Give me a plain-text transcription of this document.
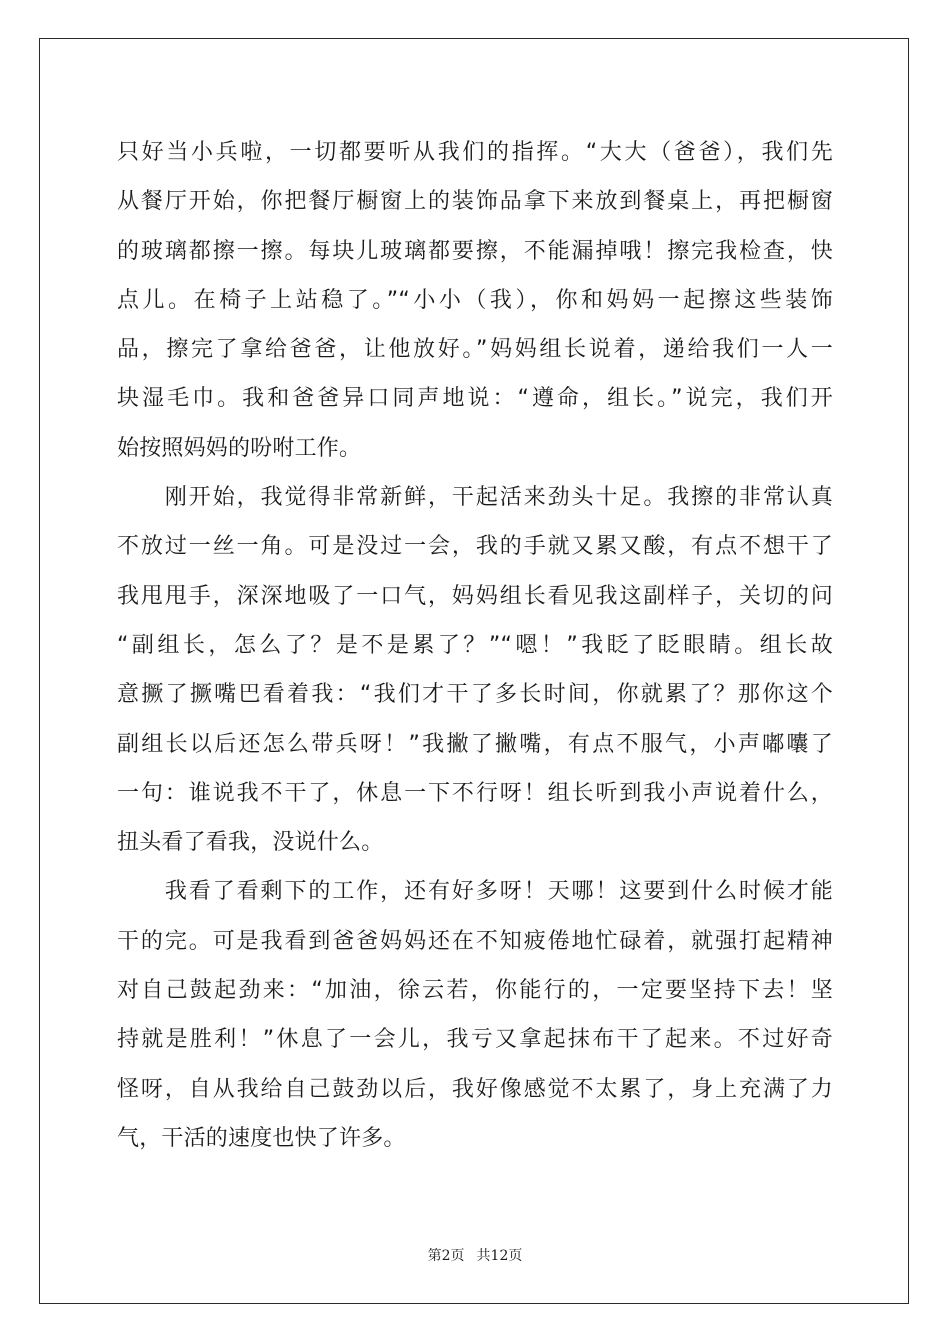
只好当小兵啦，一切都要听从我们的指挥。“大大（爸爸），我们先
从餐厅开始，你把餐厅橱窗上的装饰品拿下来放到餐桌上，再把橱窗
的玻璃都擦一擦。每块儿玻璃都要擦，不能漏掉哦！擦完我检查，快
点儿。在椅子上站稳了。”“小小（我），你和妈妈一起擦这些装饰
品，擦完了拿给爸爸，让他放好。”妈妈组长说着，递给我们一人一
块湿毛巾。我和爸爸异口同声地说：“遵命，组长。”说完，我们开
始按照妈妈的吩咐工作。
　　刚开始，我觉得非常新鲜，干起活来劲头十足。我擦的非常认真
不放过一丝一角。可是没过一会，我的手就又累又酸，有点不想干了
我甩甩手，深深地吸了一口气，妈妈组长看见我这副样子，关切的问
“副组长，怎么了？是不是累了？”“嗯！”我眨了眨眼睛。组长故
意撅了撅嘴巴看着我：“我们才干了多长时间，你就累了？那你这个
副组长以后还怎么带兵呀！”我撇了撇嘴，有点不服气，小声嘟囔了
一句：谁说我不干了，休息一下不行呀！组长听到我小声说着什么，
扭头看了看我，没说什么。
　　我看了看剩下的工作，还有好多呀！天哪！这要到什么时候才能
干的完。可是我看到爸爸妈妈还在不知疲倦地忙碌着，就强打起精神
对自己鼓起劲来：“加油，徐云若，你能行的，一定要坚持下去！坚
持就是胜利！”休息了一会儿，我亏又拿起抹布干了起来。不过好奇
怪呀，自从我给自己鼓劲以后，我好像感觉不太累了，身上充满了力
气，干活的速度也快了许多。
第2页 共12页
